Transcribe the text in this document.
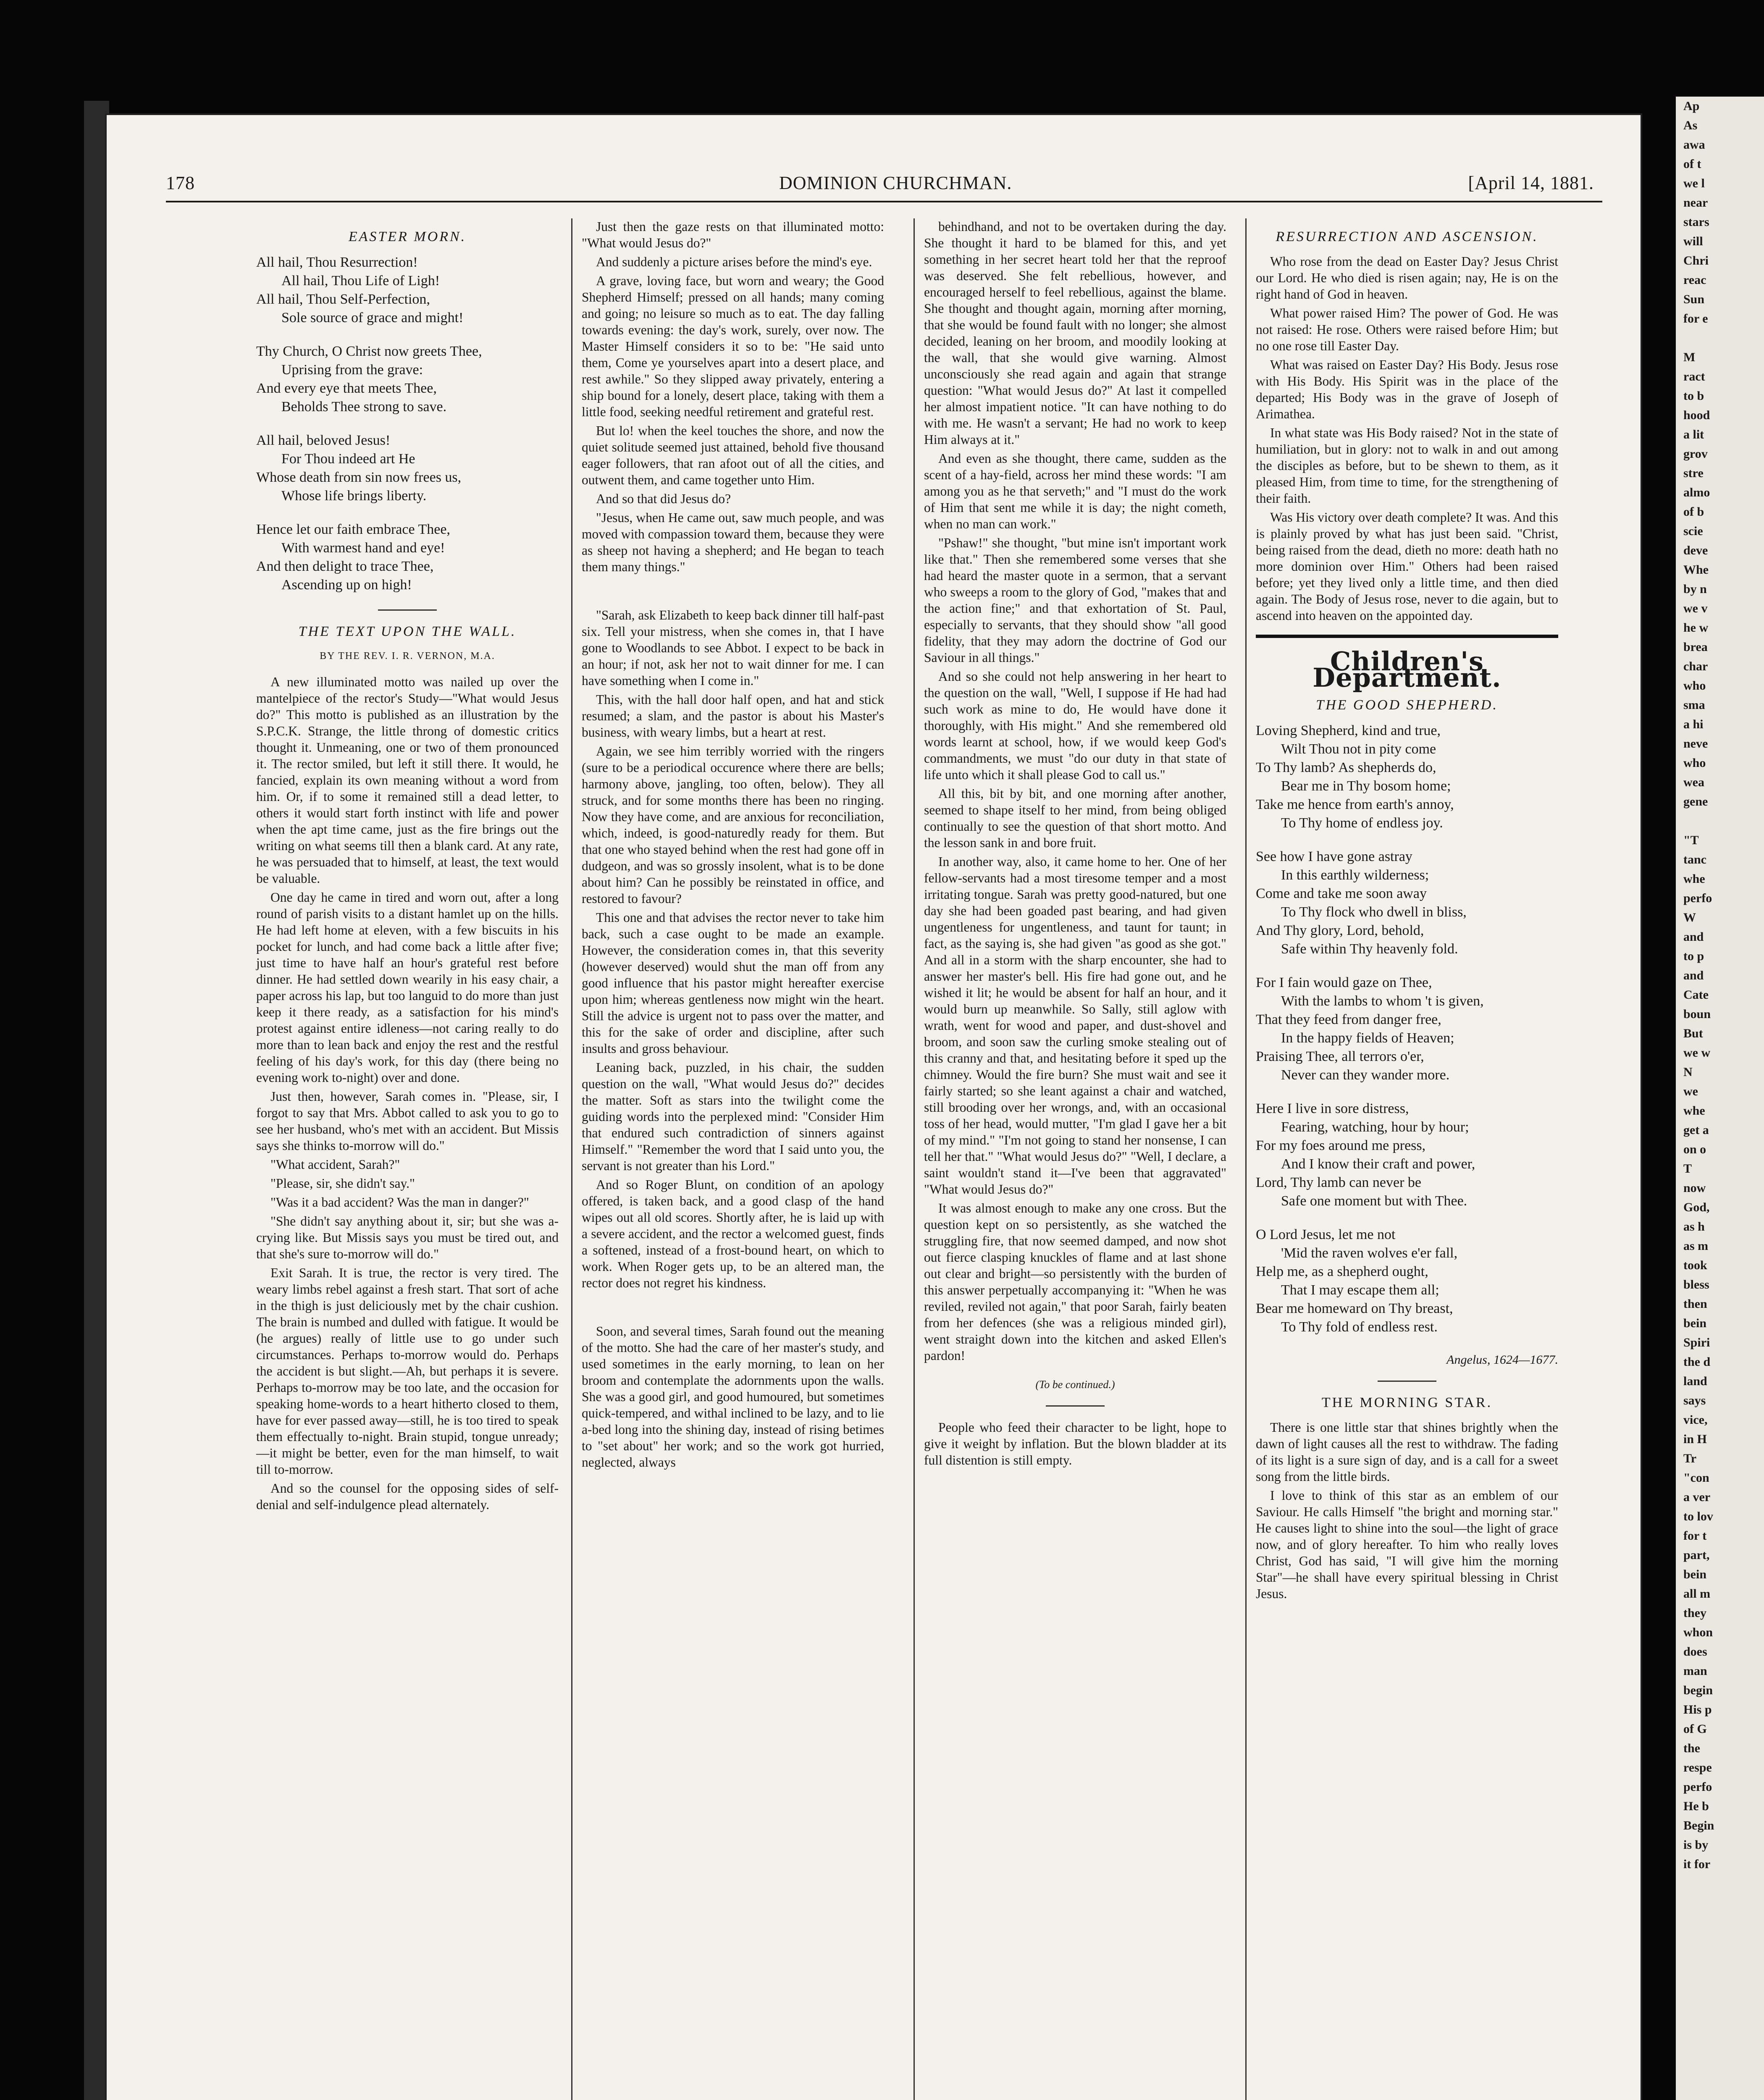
Ap
As
awa
of t
we l
near
stars
will
Chri
reac
Sun
for e

M
ract
to b
hood
a lit
grov
stre
almo
of b
scie
deve
Whe
by n
we v
he w
brea
char
who
sma
a hi
neve
who
wea
gene

"T
tanc
whe
perfo
W
and
to p
and
Cate
boun
But
we w
N
we
whe
get a
on o
T
now
God,
as h
as m
took
bless
then
bein
Spiri
the d
land
says
vice,
in H
Tr
"con
a ver
to lov
for t
part,
bein
all m
they
whon
does
man
begin
His p
of G
the
respe
perfo
He b
Begin
is by
it for
178	DOMINION CHURCHMAN.	[April 14, 1881.
EASTER MORN.
All hail, Thou Resurrection!
All hail, Thou Life of Ligh!
All hail, Thou Self-Perfection,
Sole source of grace and might!
Thy Church, O Christ now greets Thee,
Uprising from the grave:
And every eye that meets Thee,
Beholds Thee strong to save.
All hail, beloved Jesus!
For Thou indeed art He
Whose death from sin now frees us,
Whose life brings liberty.
Hence let our faith embrace Thee,
With warmest hand and eye!
And then delight to trace Thee,
Ascending up on high!
THE TEXT UPON THE WALL.
BY THE REV. I. R. VERNON, M.A.

A new illuminated motto was nailed up over the mantelpiece of the rector's Study—"What would Jesus do?" This motto is published as an illustration by the S.P.C.K. Strange, the little throng of domestic critics thought it. Unmeaning, one or two of them pronounced it. The rector smiled, but left it still there. It would, he fancied, explain its own meaning without a word from him. Or, if to some it remained still a dead letter, to others it would start forth instinct with life and power when the apt time came, just as the fire brings out the writing on what seems till then a blank card. At any rate, he was persuaded that to himself, at least, the text would be valuable.

One day he came in tired and worn out, after a long round of parish visits to a distant hamlet up on the hills. He had left home at eleven, with a few biscuits in his pocket for lunch, and had come back a little after five; just time to have half an hour's grateful rest before dinner. He had settled down wearily in his easy chair, a paper across his lap, but too languid to do more than just keep it there ready, as a satisfaction for his mind's protest against entire idleness—not caring really to do more than to lean back and enjoy the rest and the restful feeling of his day's work, for this day (there being no evening work to-night) over and done.

Just then, however, Sarah comes in. "Please, sir, I forgot to say that Mrs. Abbot called to ask you to go to see her husband, who's met with an accident. But Missis says she thinks to-morrow will do."

"What accident, Sarah?"

"Please, sir, she didn't say."

"Was it a bad accident? Was the man in danger?"

"She didn't say anything about it, sir; but she was a-crying like. But Missis says you must be tired out, and that she's sure to-morrow will do."

Exit Sarah. It is true, the rector is very tired. The weary limbs rebel against a fresh start. That sort of ache in the thigh is just deliciously met by the chair cushion. The brain is numbed and dulled with fatigue. It would be (he argues) really of little use to go under such circumstances. Perhaps to-morrow would do. Perhaps the accident is but slight.—Ah, but perhaps it is severe. Perhaps to-morrow may be too late, and the occasion for speaking home-words to a heart hitherto closed to them, have for ever passed away—still, he is too tired to speak them effectually to-night. Brain stupid, tongue unready;—it might be better, even for the man himself, to wait till to-morrow.

And so the counsel for the opposing sides of self-denial and self-indulgence plead alternately.

Just then the gaze rests on that illuminated motto: "What would Jesus do?"

And suddenly a picture arises before the mind's eye.

A grave, loving face, but worn and weary; the Good Shepherd Himself; pressed on all hands; many coming and going; no leisure so much as to eat. The day falling towards evening: the day's work, surely, over now. The Master Himself considers it so to be: "He said unto them, Come ye yourselves apart into a desert place, and rest awhile." So they slipped away privately, entering a ship bound for a lonely, desert place, taking with them a little food, seeking needful retirement and grateful rest.

But lo! when the keel touches the shore, and now the quiet solitude seemed just attained, behold five thousand eager followers, that ran afoot out of all the cities, and outwent them, and came together unto Him.

And so that did Jesus do?

"Jesus, when He came out, saw much people, and was moved with compassion toward them, because they were as sheep not having a shepherd; and He began to teach them many things."

"Sarah, ask Elizabeth to keep back dinner till half-past six. Tell your mistress, when she comes in, that I have gone to Woodlands to see Abbot. I expect to be back in an hour; if not, ask her not to wait dinner for me. I can have something when I come in."

This, with the hall door half open, and hat and stick resumed; a slam, and the pastor is about his Master's business, with weary limbs, but a heart at rest.

Again, we see him terribly worried with the ringers (sure to be a periodical occurence where there are bells; harmony above, jangling, too often, below). They all struck, and for some months there has been no ringing. Now they have come, and are anxious for reconciliation, which, indeed, is good-naturedly ready for them. But that one who stayed behind when the rest had gone off in dudgeon, and was so grossly insolent, what is to be done about him? Can he possibly be reinstated in office, and restored to favour?

This one and that advises the rector never to take him back, such a case ought to be made an example. However, the consideration comes in, that this severity (however deserved) would shut the man off from any good influence that his pastor might hereafter exercise upon him; whereas gentleness now might win the heart. Still the advice is urgent not to pass over the matter, and this for the sake of order and discipline, after such insults and gross behaviour.

Leaning back, puzzled, in his chair, the sudden question on the wall, "What would Jesus do?" decides the matter. Soft as stars into the twilight come the guiding words into the perplexed mind: "Consider Him that endured such contradiction of sinners against Himself." "Remember the word that I said unto you, the servant is not greater than his Lord."

And so Roger Blunt, on condition of an apology offered, is taken back, and a good clasp of the hand wipes out all old scores. Shortly after, he is laid up with a severe accident, and the rector a welcomed guest, finds a softened, instead of a frost-bound heart, on which to work. When Roger gets up, to be an altered man, the rector does not regret his kindness.

Soon, and several times, Sarah found out the meaning of the motto. She had the care of her master's study, and used sometimes in the early morning, to lean on her broom and contemplate the adornments upon the walls. She was a good girl, and good humoured, but sometimes quick-tempered, and withal inclined to be lazy, and to lie a-bed long into the shining day, instead of rising betimes to "set about" her work; and so the work got hurried, neglected, always

behindhand, and not to be overtaken during the day. She thought it hard to be blamed for this, and yet something in her secret heart told her that the reproof was deserved. She felt rebellious, however, and encouraged herself to feel rebellious, against the blame. She thought and thought again, morning after morning, that she would be found fault with no longer; she almost decided, leaning on her broom, and moodily looking at the wall, that she would give warning. Almost unconsciously she read again and again that strange question: "What would Jesus do?" At last it compelled her almost impatient notice. "It can have nothing to do with me. He wasn't a servant; He had no work to keep Him always at it."

And even as she thought, there came, sudden as the scent of a hay-field, across her mind these words: "I am among you as he that serveth;" and "I must do the work of Him that sent me while it is day; the night cometh, when no man can work."

"Pshaw!" she thought, "but mine isn't important work like that." Then she remembered some verses that she had heard the master quote in a sermon, that a servant who sweeps a room to the glory of God, "makes that and the action fine;" and that exhortation of St. Paul, especially to servants, that they should show "all good fidelity, that they may adorn the doctrine of God our Saviour in all things."

And so she could not help answering in her heart to the question on the wall, "Well, I suppose if He had had such work as mine to do, He would have done it thoroughly, with His might." And she remembered old words learnt at school, how, if we would keep God's commandments, we must "do our duty in that state of life unto which it shall please God to call us."

All this, bit by bit, and one morning after another, seemed to shape itself to her mind, from being obliged continually to see the question of that short motto. And the lesson sank in and bore fruit.

In another way, also, it came home to her. One of her fellow-servants had a most tiresome temper and a most irritating tongue. Sarah was pretty good-natured, but one day she had been goaded past bearing, and had given ungentleness for ungentleness, and taunt for taunt; in fact, as the saying is, she had given "as good as she got." And all in a storm with the sharp encounter, she had to answer her master's bell. His fire had gone out, and he wished it lit; he would be absent for half an hour, and it would burn up meanwhile. So Sally, still aglow with wrath, went for wood and paper, and dust-shovel and broom, and soon saw the curling smoke stealing out of this cranny and that, and hesitating before it sped up the chimney. Would the fire burn? She must wait and see it fairly started; so she leant against a chair and watched, still brooding over her wrongs, and, with an occasional toss of her head, would mutter, "I'm glad I gave her a bit of my mind." "I'm not going to stand her nonsense, I can tell her that." "What would Jesus do?" "Well, I declare, a saint wouldn't stand it—I've been that aggravated" "What would Jesus do?"

It was almost enough to make any one cross. But the question kept on so persistently, as she watched the struggling fire, that now seemed damped, and now shot out fierce clasping knuckles of flame and at last shone out clear and bright—so persistently with the burden of this answer perpetually accompanying it: "When he was reviled, reviled not again," that poor Sarah, fairly beaten from her defences (she was a religious minded girl), went straight down into the kitchen and asked Ellen's pardon!

(To be continued.)

People who feed their character to be light, hope to give it weight by inflation. But the blown bladder at its full distention is still empty.

RESURRECTION AND ASCENSION.

Who rose from the dead on Easter Day? Jesus Christ our Lord. He who died is risen again; nay, He is on the right hand of God in heaven.

What power raised Him? The power of God. He was not raised: He rose. Others were raised before Him; but no one rose till Easter Day.

What was raised on Easter Day? His Body. Jesus rose with His Body. His Spirit was in the place of the departed; His Body was in the grave of Joseph of Arimathea.

In what state was His Body raised? Not in the state of humiliation, but in glory: not to walk in and out among the disciples as before, but to be shewn to them, as it pleased Him, from time to time, for the strengthening of their faith.

Was His victory over death complete? It was. And this is plainly proved by what has just been said. "Christ, being raised from the dead, dieth no more: death hath no more dominion over Him." Others had been raised before; yet they lived only a little time, and then died again. The Body of Jesus rose, never to die again, but to ascend into heaven on the appointed day.

Children's Department.
THE GOOD SHEPHERD.
Loving Shepherd, kind and true,
Wilt Thou not in pity come
To Thy lamb? As shepherds do,
Bear me in Thy bosom home;
Take me hence from earth's annoy,
To Thy home of endless joy.
See how I have gone astray
In this earthly wilderness;
Come and take me soon away
To Thy flock who dwell in bliss,
And Thy glory, Lord, behold,
Safe within Thy heavenly fold.
For I fain would gaze on Thee,
With the lambs to whom 't is given,
That they feed from danger free,
In the happy fields of Heaven;
Praising Thee, all terrors o'er,
Never can they wander more.
Here I live in sore distress,
Fearing, watching, hour by hour;
For my foes around me press,
And I know their craft and power,
Lord, Thy lamb can never be
Safe one moment but with Thee.
O Lord Jesus, let me not
'Mid the raven wolves e'er fall,
Help me, as a shepherd ought,
That I may escape them all;
Bear me homeward on Thy breast,
To Thy fold of endless rest.
Angelus, 1624—1677.
THE MORNING STAR.

There is one little star that shines brightly when the dawn of light causes all the rest to withdraw. The fading of its light is a sure sign of day, and is a call for a sweet song from the little birds.

I love to think of this star as an emblem of our Saviour. He calls Himself "the bright and morning star." He causes light to shine into the soul—the light of grace now, and of glory hereafter. To him who really loves Christ, God has said, "I will give him the morning Star"—he shall have every spiritual blessing in Christ Jesus.
